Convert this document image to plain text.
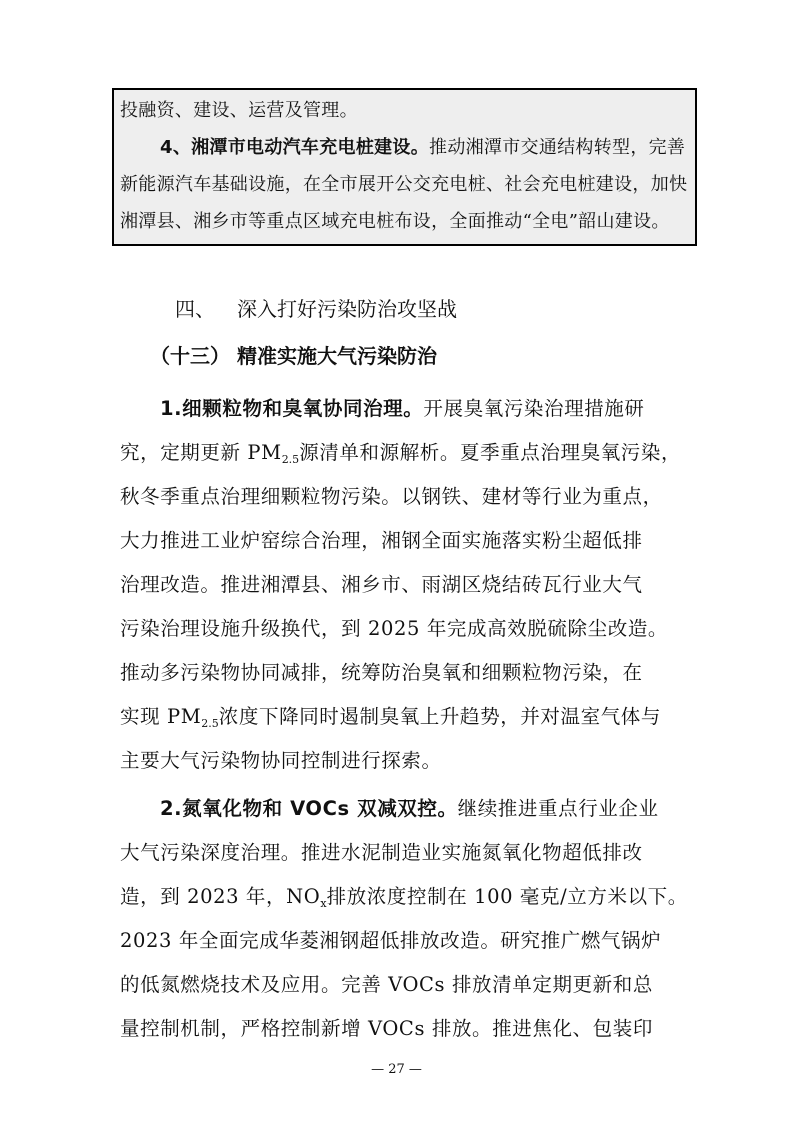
投融资、建设、运营及管理。
4、湘潭市电动汽车充电桩建设。推动湘潭市交通结构转型，完善
新能源汽车基础设施，在全市展开公交充电桩、社会充电桩建设，加快
湘潭县、湘乡市等重点区域充电桩布设，全面推动“全电”韶山建设。
四、 深入打好污染防治攻坚战
（十三） 精准实施大气污染防治
1.细颗粒物和臭氧协同治理。开展臭氧污染治理措施研
究，定期更新 $PM_{2.5}$源清单和源解析。夏季重点治理臭氧污染，
秋冬季重点治理细颗粒物污染。以钢铁、建材等行业为重点，
大力推进工业炉窑综合治理，湘钢全面实施落实粉尘超低排
治理改造。推进湘潭县、湘乡市、雨湖区烧结砖瓦行业大气
污染治理设施升级换代，到 2025 年完成高效脱硫除尘改造。
推动多污染物协同减排，统筹防治臭氧和细颗粒物污染，在
实现 $PM_{2.5}$浓度下降同时遏制臭氧上升趋势，并对温室气体与
主要大气污染物协同控制进行探索。
2.氮氧化物和 VOCs 双减双控。继续推进重点行业企业
大气污染深度治理。推进水泥制造业实施氮氧化物超低排改
造，到 2023 年，$NO_x$排放浓度控制在 100 毫克/立方米以下。
2023 年全面完成华菱湘钢超低排放改造。研究推广燃气锅炉
的低氮燃烧技术及应用。完善 VOCs 排放清单定期更新和总
量控制机制，严格控制新增 VOCs 排放。推进焦化、包装印
— 27 —
